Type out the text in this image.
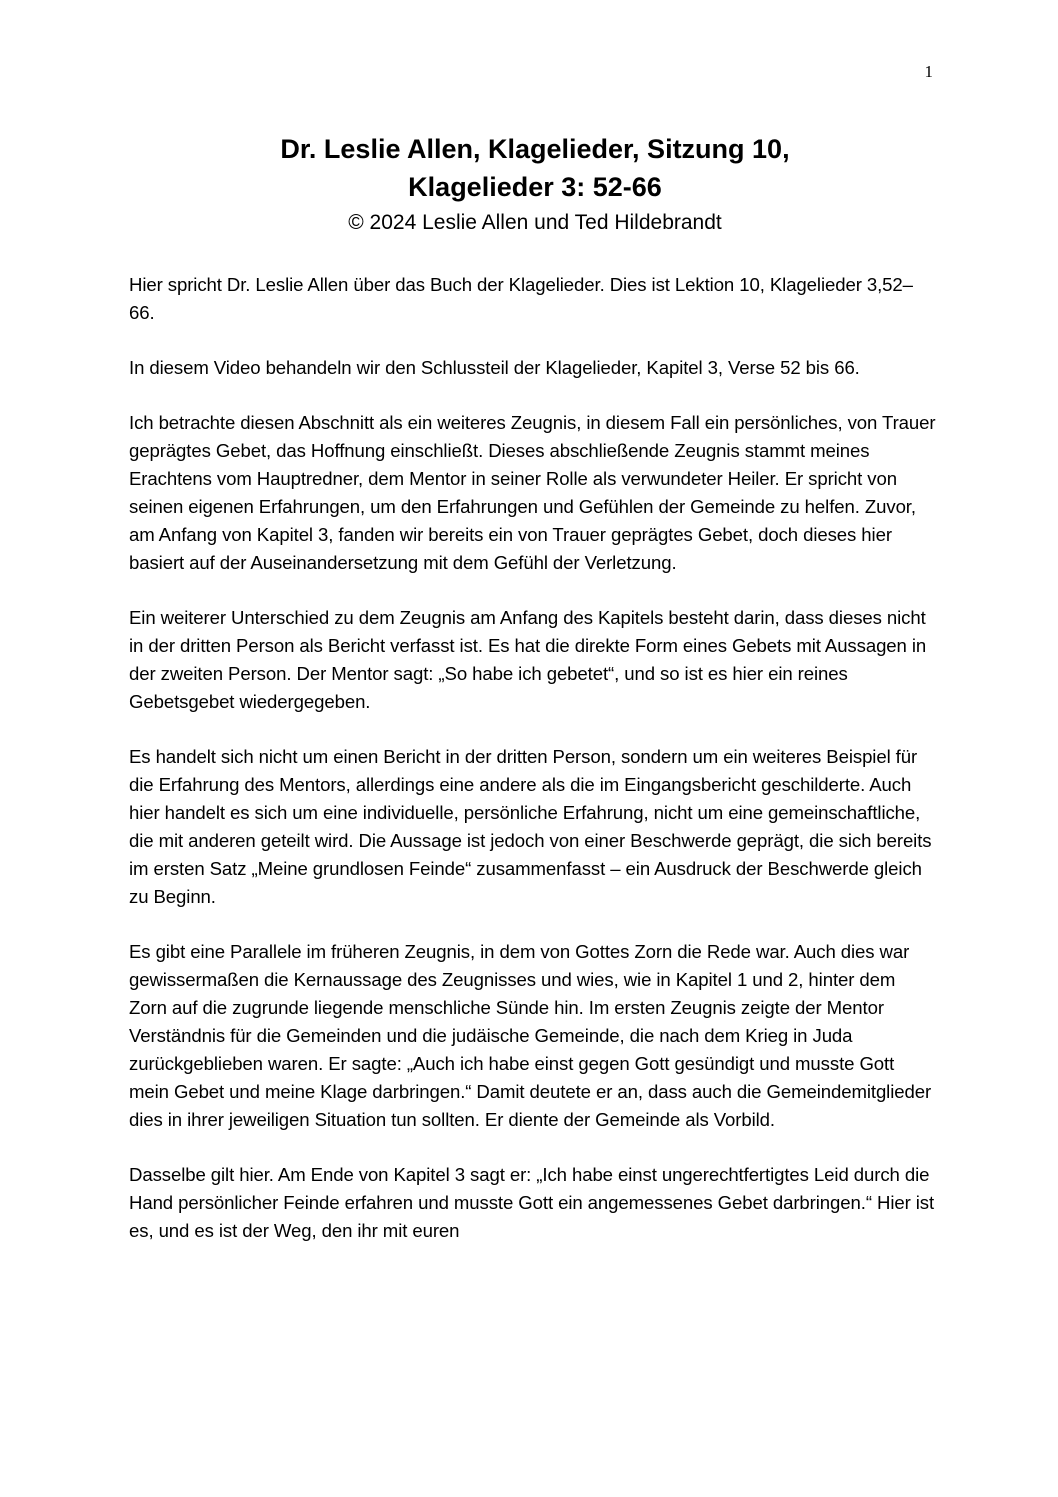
1
Dr. Leslie Allen, Klagelieder, Sitzung 10,
Klagelieder 3: 52-66
© 2024 Leslie Allen und Ted Hildebrandt

Hier spricht Dr. Leslie Allen über das Buch der Klagelieder. Dies ist Lektion 10, Klagelieder 3,52–66.

In diesem Video behandeln wir den Schlussteil der Klagelieder, Kapitel 3, Verse 52 bis 66.

Ich betrachte diesen Abschnitt als ein weiteres Zeugnis, in diesem Fall ein persönliches, von Trauer geprägtes Gebet, das Hoffnung einschließt. Dieses abschließende Zeugnis stammt meines Erachtens vom Hauptredner, dem Mentor in seiner Rolle als verwundeter Heiler. Er spricht von seinen eigenen Erfahrungen, um den Erfahrungen und Gefühlen der Gemeinde zu helfen. Zuvor, am Anfang von Kapitel 3, fanden wir bereits ein von Trauer geprägtes Gebet, doch dieses hier basiert auf der Auseinandersetzung mit dem Gefühl der Verletzung.

Ein weiterer Unterschied zu dem Zeugnis am Anfang des Kapitels besteht darin, dass dieses nicht in der dritten Person als Bericht verfasst ist. Es hat die direkte Form eines Gebets mit Aussagen in der zweiten Person. Der Mentor sagt: „So habe ich gebetet“, und so ist es hier ein reines Gebetsgebet wiedergegeben.

Es handelt sich nicht um einen Bericht in der dritten Person, sondern um ein weiteres Beispiel für die Erfahrung des Mentors, allerdings eine andere als die im Eingangsbericht geschilderte. Auch hier handelt es sich um eine individuelle, persönliche Erfahrung, nicht um eine gemeinschaftliche, die mit anderen geteilt wird. Die Aussage ist jedoch von einer Beschwerde geprägt, die sich bereits im ersten Satz „Meine grundlosen Feinde“ zusammenfasst – ein Ausdruck der Beschwerde gleich zu Beginn.

Es gibt eine Parallele im früheren Zeugnis, in dem von Gottes Zorn die Rede war. Auch dies war gewissermaßen die Kernaussage des Zeugnisses und wies, wie in Kapitel 1 und 2, hinter dem Zorn auf die zugrunde liegende menschliche Sünde hin. Im ersten Zeugnis zeigte der Mentor Verständnis für die Gemeinden und die judäische Gemeinde, die nach dem Krieg in Juda zurückgeblieben waren. Er sagte: „Auch ich habe einst gegen Gott gesündigt und musste Gott mein Gebet und meine Klage darbringen.“ Damit deutete er an, dass auch die Gemeindemitglieder dies in ihrer jeweiligen Situation tun sollten. Er diente der Gemeinde als Vorbild.

Dasselbe gilt hier. Am Ende von Kapitel 3 sagt er: „Ich habe einst ungerechtfertigtes Leid durch die Hand persönlicher Feinde erfahren und musste Gott ein angemessenes Gebet darbringen.“ Hier ist es, und es ist der Weg, den ihr mit euren
